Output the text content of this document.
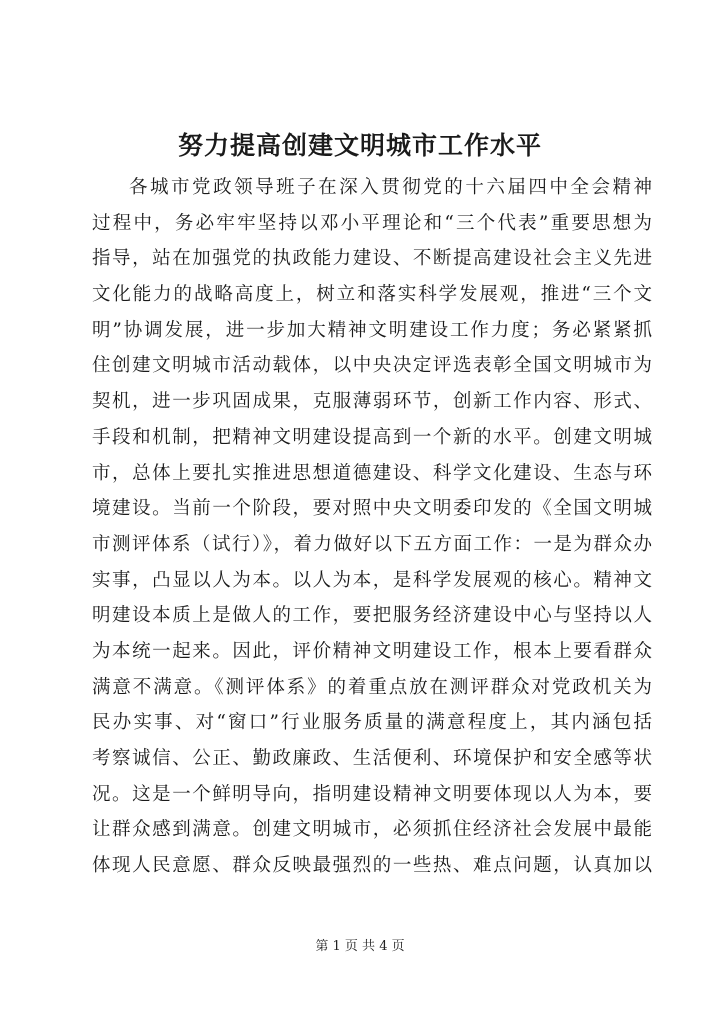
努力提高创建文明城市工作水平
各城市党政领导班子在深入贯彻党的十六届四中全会精神
过程中，务必牢牢坚持以邓小平理论和“三个代表”重要思想为
指导，站在加强党的执政能力建设、不断提高建设社会主义先进
文化能力的战略高度上，树立和落实科学发展观，推进“三个文
明”协调发展，进一步加大精神文明建设工作力度；务必紧紧抓
住创建文明城市活动载体，以中央决定评选表彰全国文明城市为
契机，进一步巩固成果，克服薄弱环节，创新工作内容、形式、
手段和机制，把精神文明建设提高到一个新的水平。创建文明城
市，总体上要扎实推进思想道德建设、科学文化建设、生态与环
境建设。当前一个阶段，要对照中央文明委印发的《全国文明城
市测评体系（试行）》，着力做好以下五方面工作：一是为群众办
实事，凸显以人为本。以人为本，是科学发展观的核心。精神文
明建设本质上是做人的工作，要把服务经济建设中心与坚持以人
为本统一起来。因此，评价精神文明建设工作，根本上要看群众
满意不满意。《测评体系》的着重点放在测评群众对党政机关为
民办实事、对“窗口”行业服务质量的满意程度上，其内涵包括
考察诚信、公正、勤政廉政、生活便利、环境保护和安全感等状
况。这是一个鲜明导向，指明建设精神文明要体现以人为本，要
让群众感到满意。创建文明城市，必须抓住经济社会发展中最能
体现人民意愿、群众反映最强烈的一些热、难点问题，认真加以
第 1 页 共 4 页
